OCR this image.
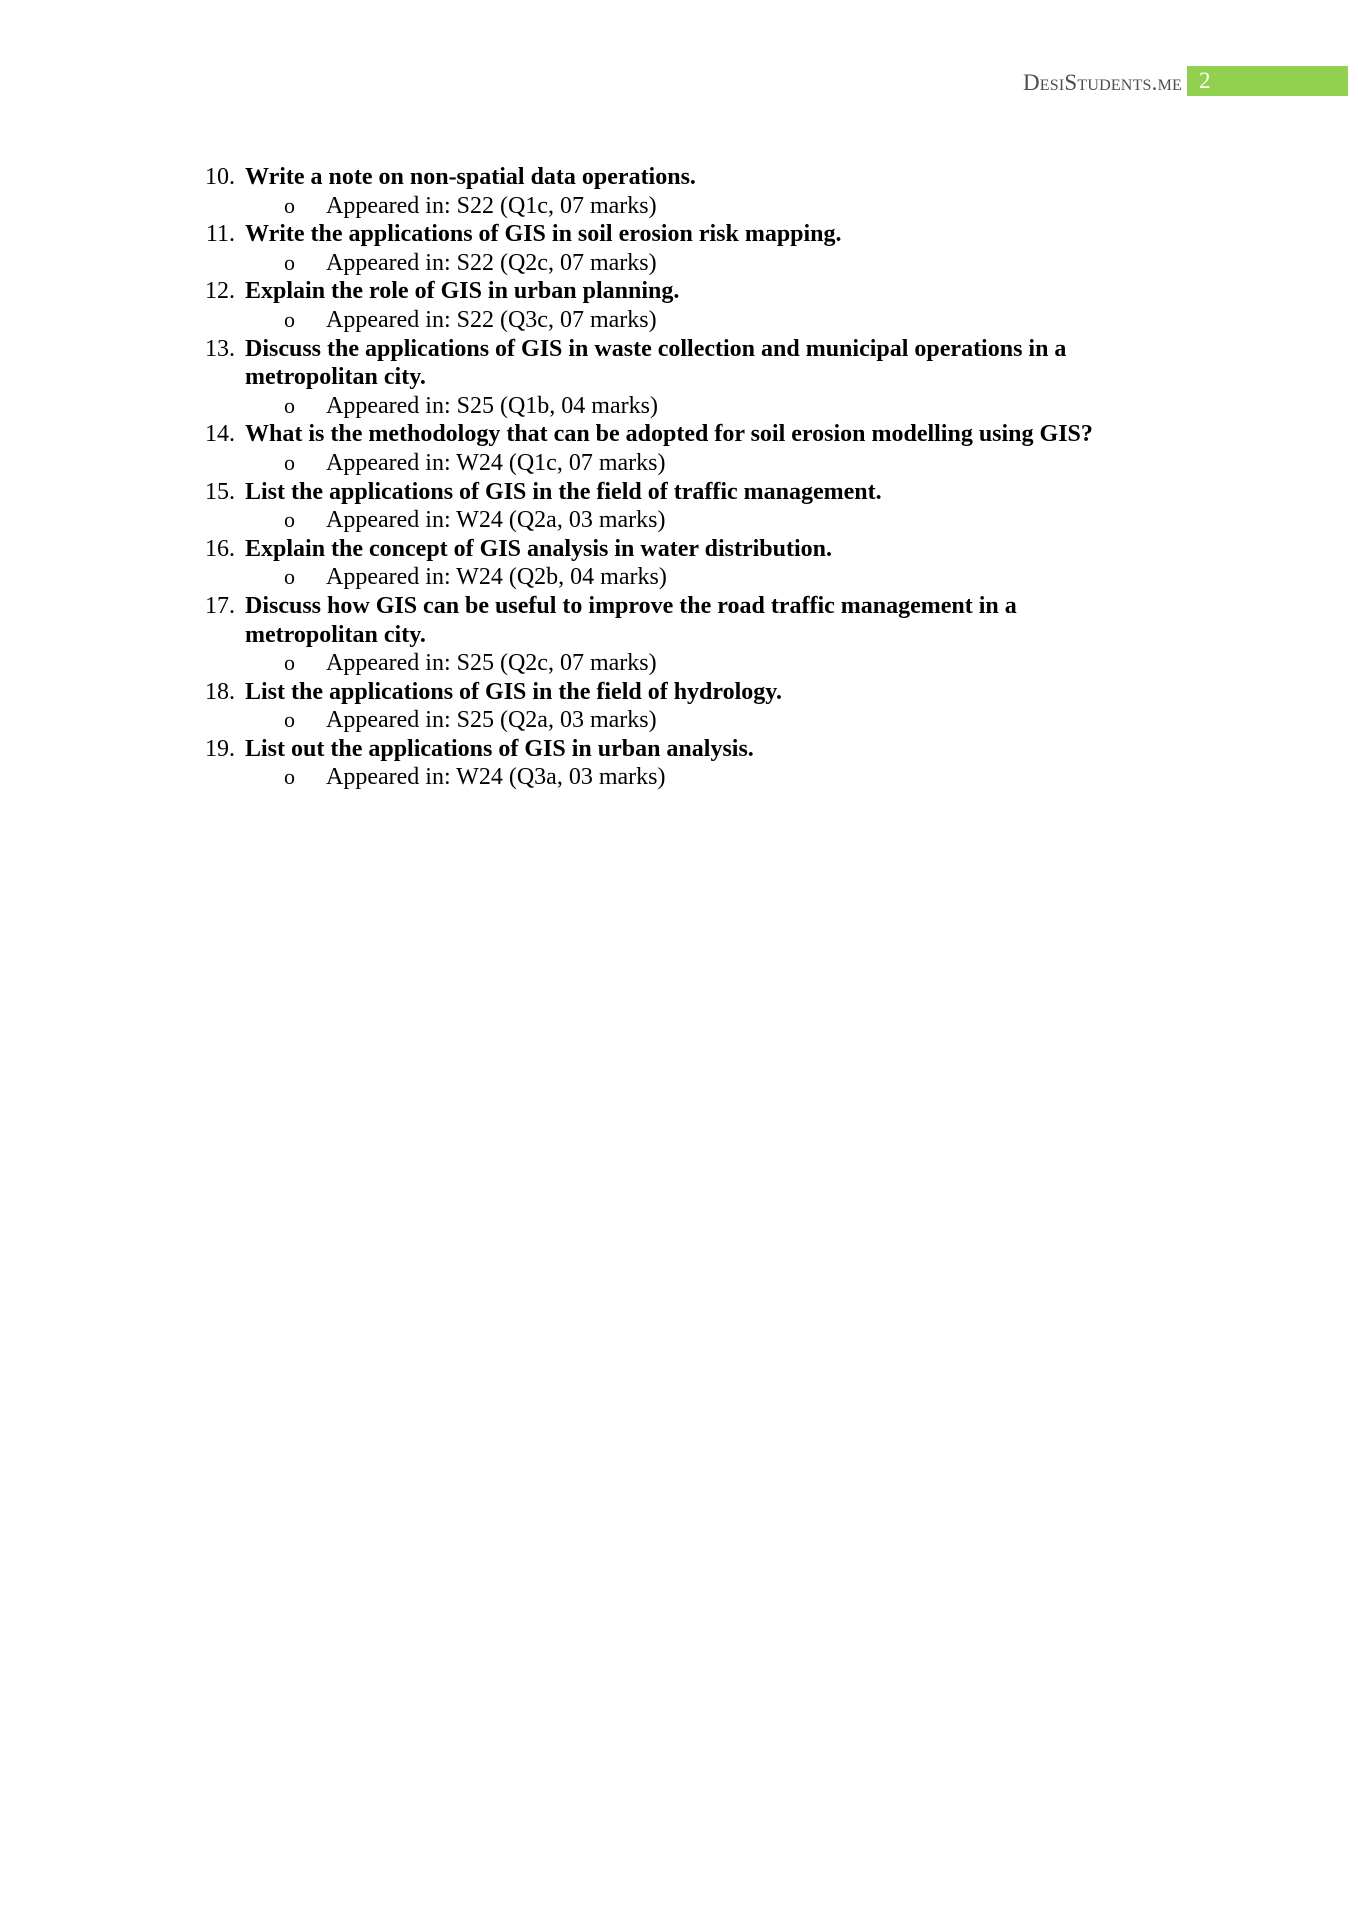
DesiStudents.me 2
10. Write a note on non-spatial data operations.
o Appeared in: S22 (Q1c, 07 marks)
11. Write the applications of GIS in soil erosion risk mapping.
o Appeared in: S22 (Q2c, 07 marks)
12. Explain the role of GIS in urban planning.
o Appeared in: S22 (Q3c, 07 marks)
13. Discuss the applications of GIS in waste collection and municipal operations in a metropolitan city.
o Appeared in: S25 (Q1b, 04 marks)
14. What is the methodology that can be adopted for soil erosion modelling using GIS?
o Appeared in: W24 (Q1c, 07 marks)
15. List the applications of GIS in the field of traffic management.
o Appeared in: W24 (Q2a, 03 marks)
16. Explain the concept of GIS analysis in water distribution.
o Appeared in: W24 (Q2b, 04 marks)
17. Discuss how GIS can be useful to improve the road traffic management in a metropolitan city.
o Appeared in: S25 (Q2c, 07 marks)
18. List the applications of GIS in the field of hydrology.
o Appeared in: S25 (Q2a, 03 marks)
19. List out the applications of GIS in urban analysis.
o Appeared in: W24 (Q3a, 03 marks)
